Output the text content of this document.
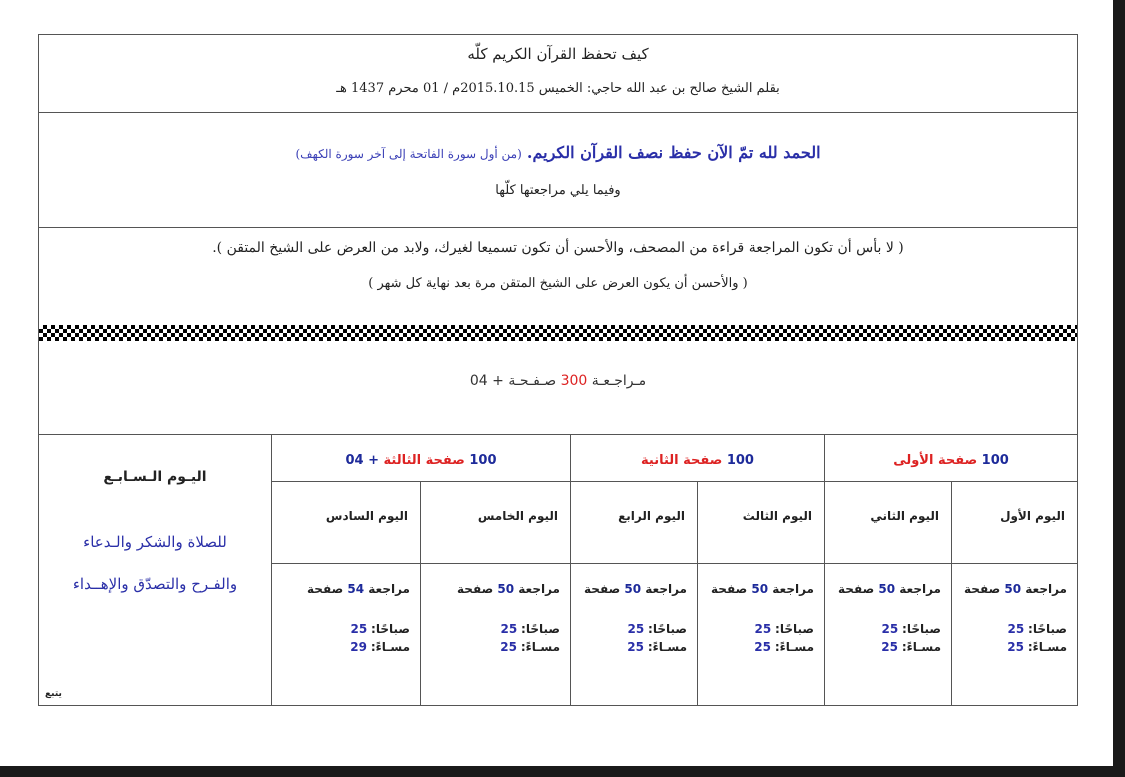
كيف تحفظ القرآن الكريم كلّه
بقلم الشيخ صالح بن عبد الله حاجي: الخميس 2015.10.15م / 01 محرم 1437 هـ
الحمد لله تمّ الآن حفظ نصف القرآن الكريم. (من أول سورة الفاتحة إلى آخر سورة الكهف)
وفيما يلي مراجعتها كلّها
( لا بأس أن تكون المراجعة قراءة من المصحف، والأحسن أن تكون تسميعا لغيرك، ولابد من العرض على الشيخ المتقن ).
( والأحسن أن يكون العرض على الشيخ المتقن مرة بعد نهاية كل شهر )
مـراجـعـة 300 صـفـحـة + 04
100 صفحة الأولى
100 صفحة الثانية
100 صفحة الثالثة + 04
اليوم الأول
اليوم الثاني
اليوم الثالث
اليوم الرابع
اليوم الخامس
اليوم السادس
مراجعة 50 صفحة
صباحًا: 25
مسـاءً: 25
مراجعة 50 صفحة
صباحًا: 25
مسـاءً: 25
مراجعة 50 صفحة
صباحًا: 25
مسـاءً: 25
مراجعة 50 صفحة
صباحًا: 25
مسـاءً: 25
مراجعة 50 صفحة
صباحًا: 25
مسـاءً: 25
مراجعة 54 صفحة
صباحًا: 25
مسـاءً: 29
اليـوم الـسـابـع
للصلاة والشكر والـدعاء
والفـرح والتصدّق والإهــداء
يتبع
